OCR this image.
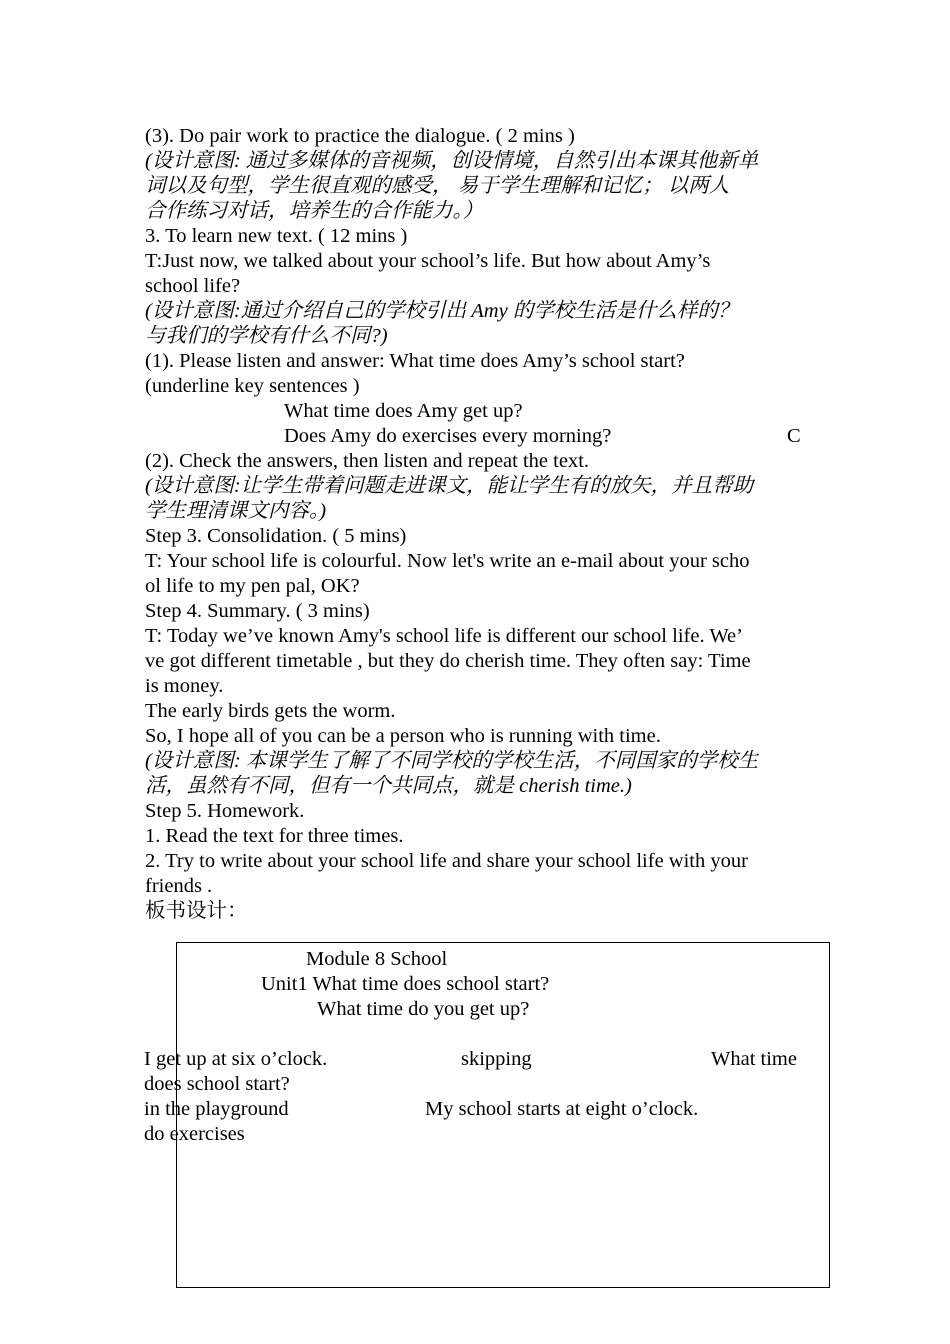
(3). Do pair work to practice the dialogue. ( 2 mins )
(设计意图: 通过多媒体的音视频，创设情境，自然引出本课其他新单
词以及句型，学生很直观的感受， 易于学生理解和记忆； 以两人
合作练习对话，培养生的合作能力。）
3. To learn new text. ( 12 mins )
T:Just now, we talked about your school’s life. But how about Amy’s
school life?
(设计意图:通过介绍自己的学校引出 Amy 的学校生活是什么样的？
与我们的学校有什么不同?)
(1). Please listen and answer: What time does Amy’s school start?
(underline key sentences )
What time does Amy get up?
Does Amy do exercises every morning?	C
(2). Check the answers, then listen and repeat the text.
(设计意图:让学生带着问题走进课文，能让学生有的放矢，并且帮助
学生理清课文内容。)
Step 3. Consolidation. ( 5 mins)
T: Your school life is colourful. Now let's write an e-mail about your scho
ol life to my pen pal, OK?
Step 4. Summary. ( 3 mins)
T: Today we’ve known Amy's school life is different our school life. We’
ve got different timetable , but they do cherish time. They often say: Time
is money.
The early birds gets the worm.
So, I hope all of you can be a person who is running with time.
(设计意图: 本课学生了解了不同学校的学校生活，不同国家的学校生
活，虽然有不同，但有一个共同点，就是 cherish time.)
Step 5. Homework.
1. Read the text for three times.
2. Try to write about your school life and share your school life with your
friends .
板书设计：
Module 8 School
Unit1 What time does school start?
What time do you get up?
I get up at six o’clock.	skipping	What time
does school start?
in the playground	My school starts at eight o’clock.
do exercises
